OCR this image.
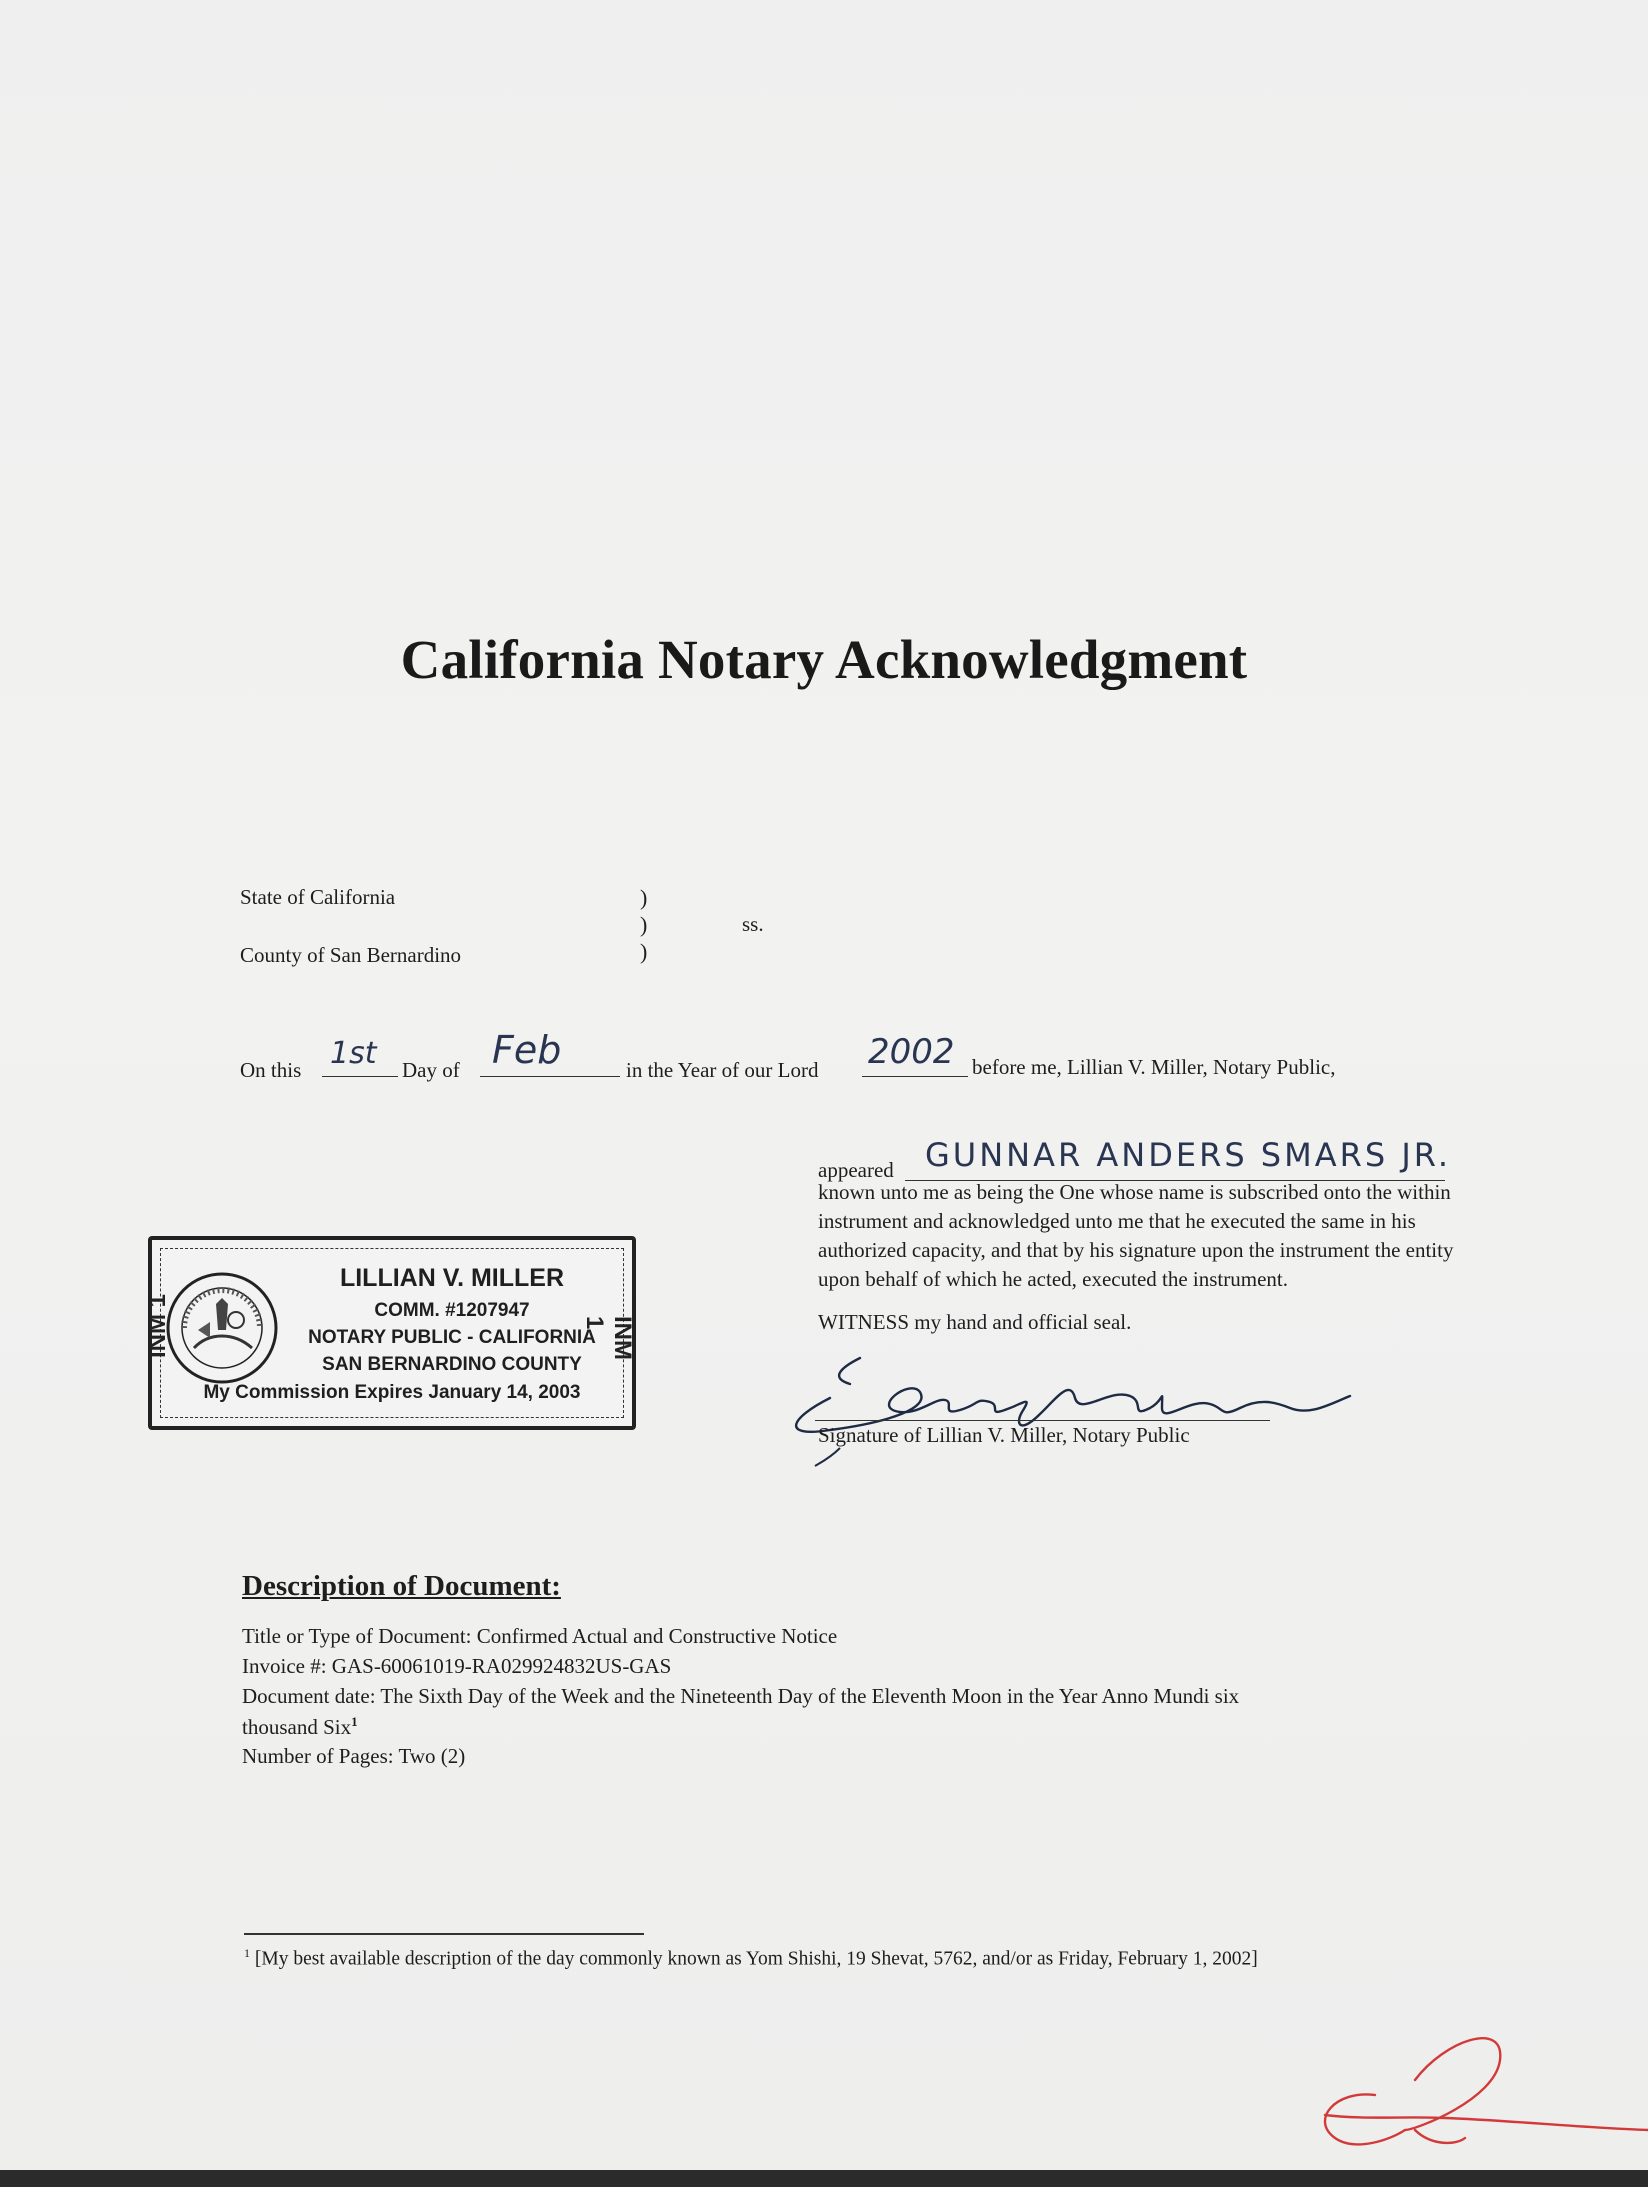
California Notary Acknowledgment
State of California
County of San Bernardino
)
)
)
ss.
On this 1st Day of Feb	in the Year of our Lord 2002 before me, Lillian V. Miller, Notary Public,
appeared GUNNAR ANDERS SMARS JR.
known unto me as being the One whose name is subscribed onto the within instrument and acknowledged unto me that he executed the same in his authorized capacity, and that by his signature upon the instrument the entity upon behalf of which he acted, executed the instrument.
WITNESS my hand and official seal.
Signature of Lillian V. Miller, Notary Public
LILLIAN V. MILLER
COMM. #1207947
NOTARY PUBLIC - CALIFORNIA
SAN BERNARDINO COUNTY
My Commission Expires January 14, 2003
INM 1	INM 1
Description of Document:
Title or Type of Document: Confirmed Actual and Constructive Notice
Invoice #: GAS-60061019-RA029924832US-GAS
Document date: The Sixth Day of the Week and the Nineteenth Day of the Eleventh Moon in the Year Anno Mundi six
thousand Six$^1$
Number of Pages: Two (2)
$^1$ [My best available description of the day commonly known as Yom Shishi, 19 Shevat, 5762, and/or as Friday, February 1, 2002]
